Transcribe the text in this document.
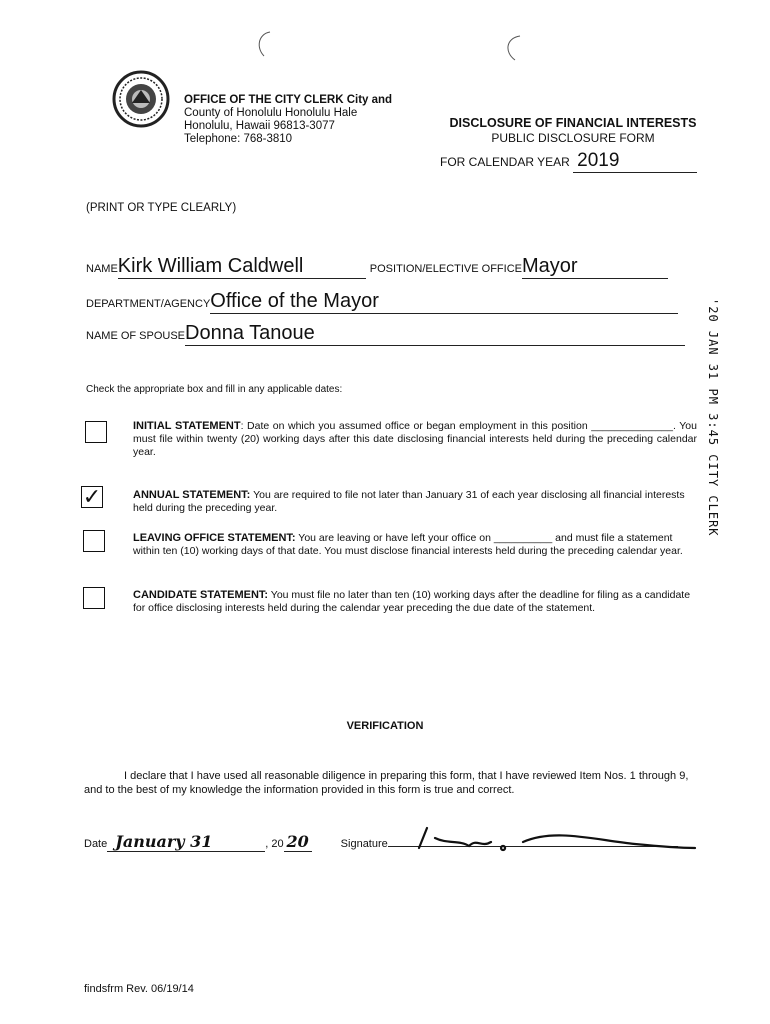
OFFICE OF THE CITY CLERK City and
County of Honolulu Honolulu Hale
Honolulu, Hawaii 96813-3077
Telephone: 768-3810
DISCLOSURE OF FINANCIAL INTERESTS
PUBLIC DISCLOSURE FORM
FOR CALENDAR YEAR 2019
(PRINT OR TYPE CLEARLY)
NAMEKirk William Caldwell	POSITION/ELECTIVE OFFICEMayor
DEPARTMENT/AGENCYOffice of the Mayor
NAME OF SPOUSEDonna Tanoue
Check the appropriate box and fill in any applicable dates:
✓
INITIAL STATEMENT: Date on which you assumed office or began employment in this position ______________. You must file within twenty (20) working days after this date disclosing financial interests held during the preceding calendar year.
ANNUAL STATEMENT: You are required to file not later than January 31 of each year disclosing all financial interests held during the preceding year.
LEAVING OFFICE STATEMENT: You are leaving or have left your office on __________ and must file a statement within ten (10) working days of that date. You must disclose financial interests held during the preceding calendar year.
CANDIDATE STATEMENT: You must file no later than ten (10) working days after the deadline for filing as a candidate for office disclosing interests held during the calendar year preceding the due date of the statement.
VERIFICATION
I declare that I have used all reasonable diligence in preparing this form, that I have reviewed Item Nos. 1 through 9, and to the best of my knowledge the information provided in this form is true and correct.
Date January 31	, 20 20	Signature
'20 JAN 31 PM 3:45 CITY CLERK
findsfrm Rev. 06/19/14
